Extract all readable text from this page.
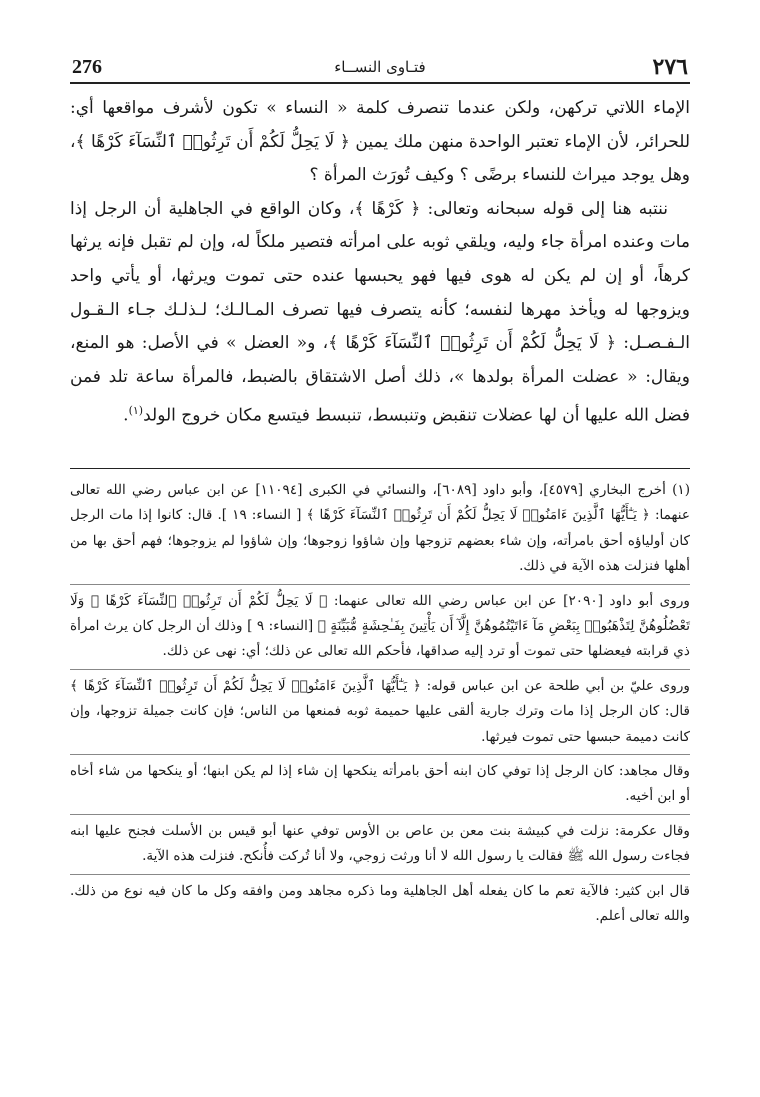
276	فتـاوى النســاء	٢٧٦

الإماء اللاتي تركهن، ولكن عندما تنصرف كلمة « النساء » تكون لأشرف مواقعها أي: للحرائر، لأن الإماء تعتبر الواحدة منهن ملك يمين ﴿ لَا يَحِلُّ لَكُمْ أَن تَرِثُوا۟ ٱلنِّسَآءَ كَرْهًا ﴾، وهل يوجد ميراث للنساء برضًى ؟ وكيف تُورَث المرأة ؟

ننتبه هنا إلى قوله سبحانه وتعالى: ﴿ كَرْهًا ﴾، وكان الواقع في الجاهلية أن الرجل إذا مات وعنده امرأة جاء وليه، ويلقي ثوبه على امرأته فتصير ملكاً له، وإن لم تقبل فإنه يرثها كرهاً، أو إن لم يكن له هوى فيها فهو يحبسها عنده حتى تموت ويرثها، أو يأتي واحد ويزوجها له ويأخذ مهرها لنفسه؛ كأنه يتصرف فيها تصرف المـالـك؛ لـذلـك جـاء الـقـول الـفـصـل: ﴿ لَا يَحِلُّ لَكُمْ أَن تَرِثُوا۟ ٱلنِّسَآءَ كَرْهًا ﴾، و« العضل » في الأصل: هو المنع، ويقال: « عضلت المرأة بولدها »، ذلك أصل الاشتقاق بالضبط، فالمرأة ساعة تلد فمن فضل الله عليها أن لها عضلات تنقبض وتنبسط، تنبسط فيتسع مكان خروج الولد$^{(١)}$.

(١) أخرج البخاري [٤٥٧٩]، وأبو داود [٦٠٨٩]، والنسائي في الكبرى [١١٠٩٤] عن ابن عباس رضي الله تعالى عنهما: ﴿ يَـٰٓأَيُّهَا ٱلَّذِينَ ءَامَنُوا۟ لَا يَحِلُّ لَكُمْ أَن تَرِثُوا۟ ٱلنِّسَآءَ كَرْهًا ﴾ [ النساء: ١٩ ]. قال: كانوا إذا مات الرجل كان أولياؤه أحق بامرأته، وإن شاء بعضهم تزوجها وإن شاؤوا زوجوها؛ وإن شاؤوا لم يزوجوها؛ فهم أحق بها من أهلها فنزلت هذه الآية في ذلك.

وروى أبو داود [٢٠٩٠] عن ابن عباس رضي الله تعالى عنهما: ﴿ لَا يَحِلُّ لَكُمْ أَن تَرِثُوا۟ ٱلنِّسَآءَ كَرْهًا ۖ وَلَا تَعْضُلُوهُنَّ لِتَذْهَبُوا۟ بِبَعْضِ مَآ ءَاتَيْتُمُوهُنَّ إِلَّآ أَن يَأْتِينَ بِفَـٰحِشَةٍ مُّبَيِّنَةٍ ﴾ [النساء: ٩ ] وذلك أن الرجل كان يرث امرأة ذي قرابته فيعضلها حتى تموت أو ترد إليه صداقها، فأحكم الله تعالى عن ذلك؛ أي: نهى عن ذلك.

وروى عليّ بن أبي طلحة عن ابن عباس قوله: ﴿ يَـٰٓأَيُّهَا ٱلَّذِينَ ءَامَنُوا۟ لَا يَحِلُّ لَكُمْ أَن تَرِثُوا۟ ٱلنِّسَآءَ كَرْهًا ﴾ قال: كان الرجل إذا مات وترك جارية ألقى عليها حميمة ثوبه فمنعها من الناس؛ فإن كانت جميلة تزوجها، وإن كانت دميمة حبسها حتى تموت فيرثها.

وقال مجاهد: كان الرجل إذا توفي كان ابنه أحق بامرأته ينكحها إن شاء إذا لم يكن ابنها؛ أو ينكحها من شاء أخاه أو ابن أخيه.

وقال عكرمة: نزلت في كبيشة بنت معن بن عاص بن الأوس توفي عنها أبو قيس بن الأسلت فجنح عليها ابنه فجاءت رسول الله ﷺ فقالت يا رسول الله لا أنا ورثت زوجي، ولا أنا تُركت فأُنكح. فنزلت هذه الآية.

قال ابن كثير: فالآية تعم ما كان يفعله أهل الجاهلية وما ذكره مجاهد ومن وافقه وكل ما كان فيه نوع من ذلك. والله تعالى أعلم.
